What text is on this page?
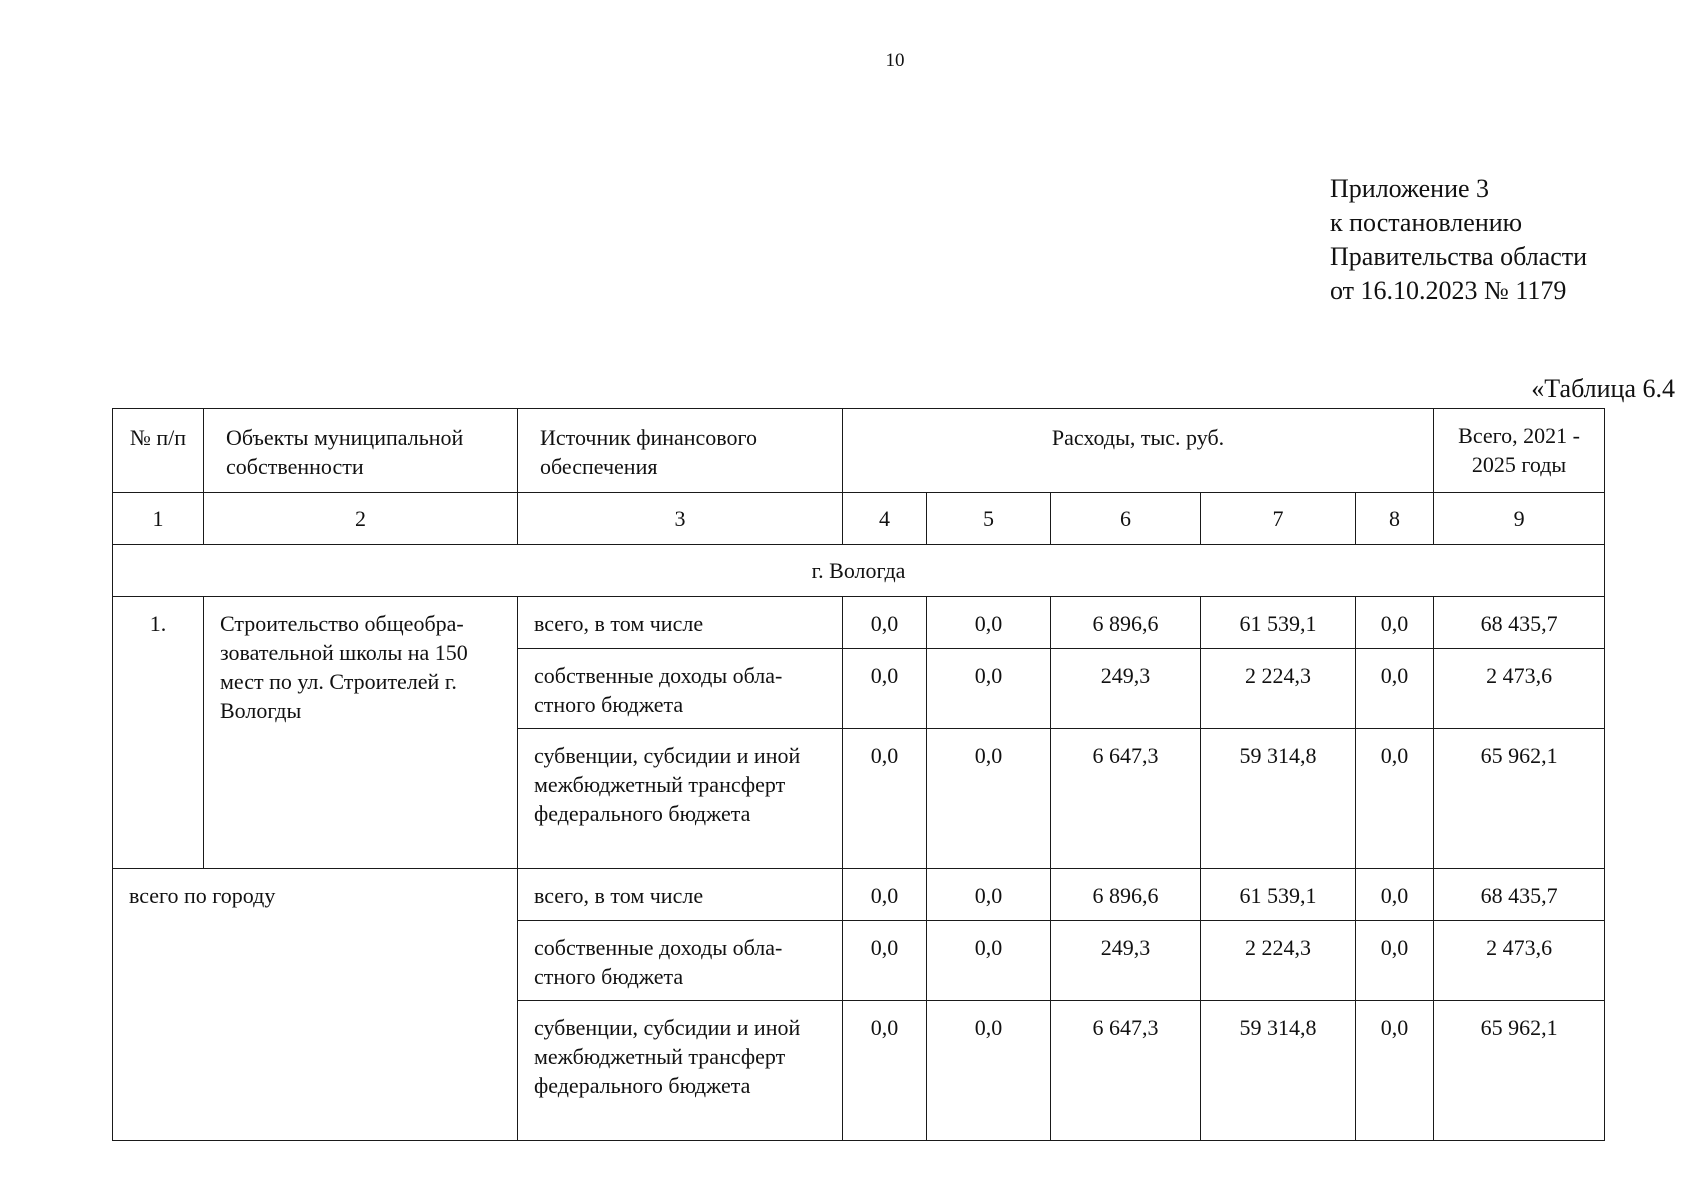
10
Приложение 3
к постановлению
Правительства области
от 16.10.2023 № 1179
«Таблица 6.4
№ п/п	Объекты муниципальной собственности	Источник финансового обеспечения	Расходы, тыс. руб.					Всего, 2021 - 2025 годы
1	2	3	4	5	6	7	8	9
г. Вологда								
1.	Строительство общеобра-зовательной школы на 150 мест по ул. Строителей г. Вологды	всего, в том числе	0,0	0,0	6 896,6	61 539,1	0,0	68 435,7
		собственные доходы обла-стного бюджета	0,0	0,0	249,3	2 224,3	0,0	2 473,6
		субвенции, субсидии и иной межбюджетный трансферт федерального бюджета	0,0	0,0	6 647,3	59 314,8	0,0	65 962,1
всего по городу		всего, в том числе	0,0	0,0	6 896,6	61 539,1	0,0	68 435,7
		собственные доходы обла-стного бюджета	0,0	0,0	249,3	2 224,3	0,0	2 473,6
		субвенции, субсидии и иной межбюджетный трансферт федерального бюджета	0,0	0,0	6 647,3	59 314,8	0,0	65 962,1
